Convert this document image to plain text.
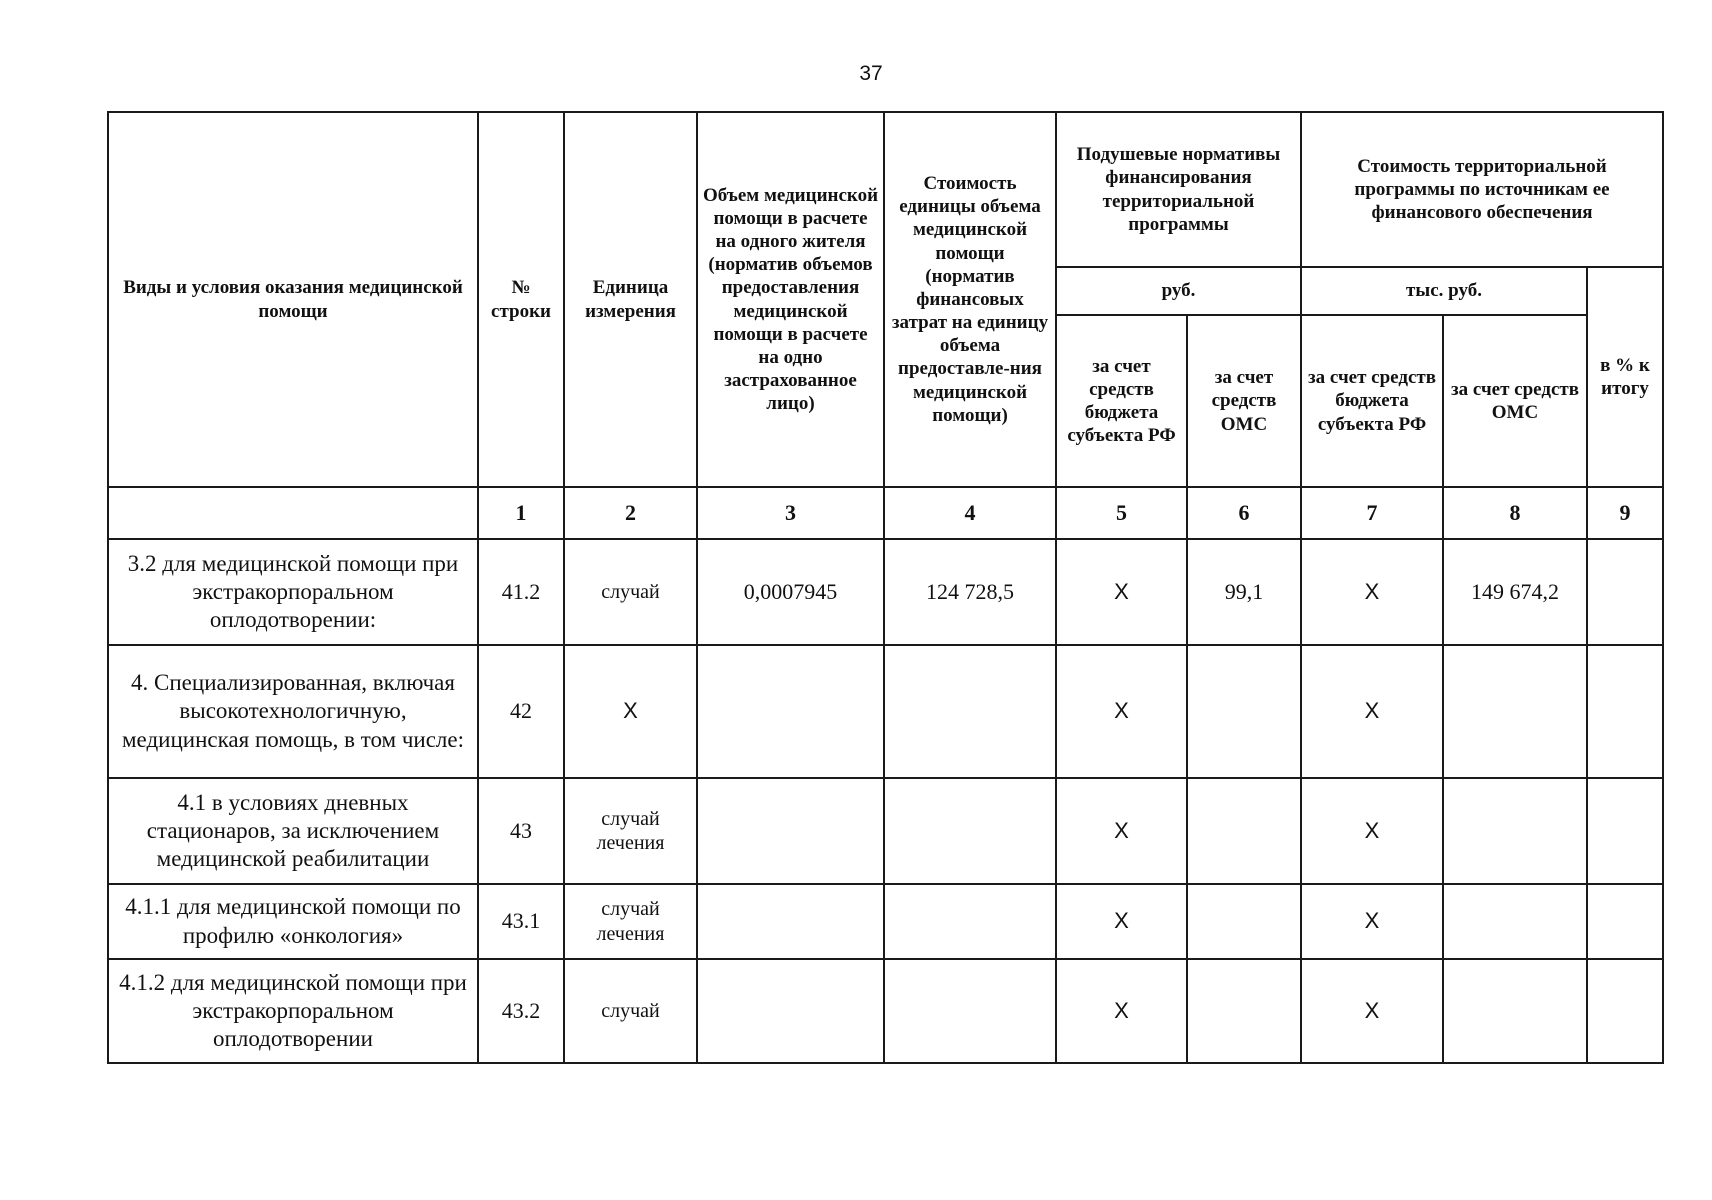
37
Виды и условия оказания медицинской помощи	№ строки	Единица измерения	Объем медицинской помощи в расчете на одного жителя (норматив объемов предоставления медицинской помощи в расчете на одно застрахованное лицо)	Стоимость единицы объема медицинской помощи (норматив финансовых затрат на единицу объема предоставле-ния медицинской помощи)	Подушевые нормативы финансирования территориальной программы		Стоимость территориальной программы по источникам ее финансового обеспечения		
					руб.		тыс. руб.		в % к итогу
					за счет средств бюджета субъекта РФ	за счет средств ОМС	за счет средств бюджета субъекта РФ	за счет средств ОМС	
	1	2	3	4	5	6	7	8	9
3.2 для медицинской помощи при экстракорпоральном оплодотворении:	41.2	случай	0,0007945	124 728,5	X	99,1	X	149 674,2	
4. Специализированная, включая высокотехнологичную, медицинская помощь, в том числе:	42	X			X		X		
4.1 в условиях дневных стационаров, за исключением медицинской реабилитации	43	случай лечения			X		X		
4.1.1 для медицинской помощи по профилю «онкология»	43.1	случай лечения			X		X		
4.1.2 для медицинской помощи при экстракорпоральном оплодотворении	43.2	случай			X		X		
